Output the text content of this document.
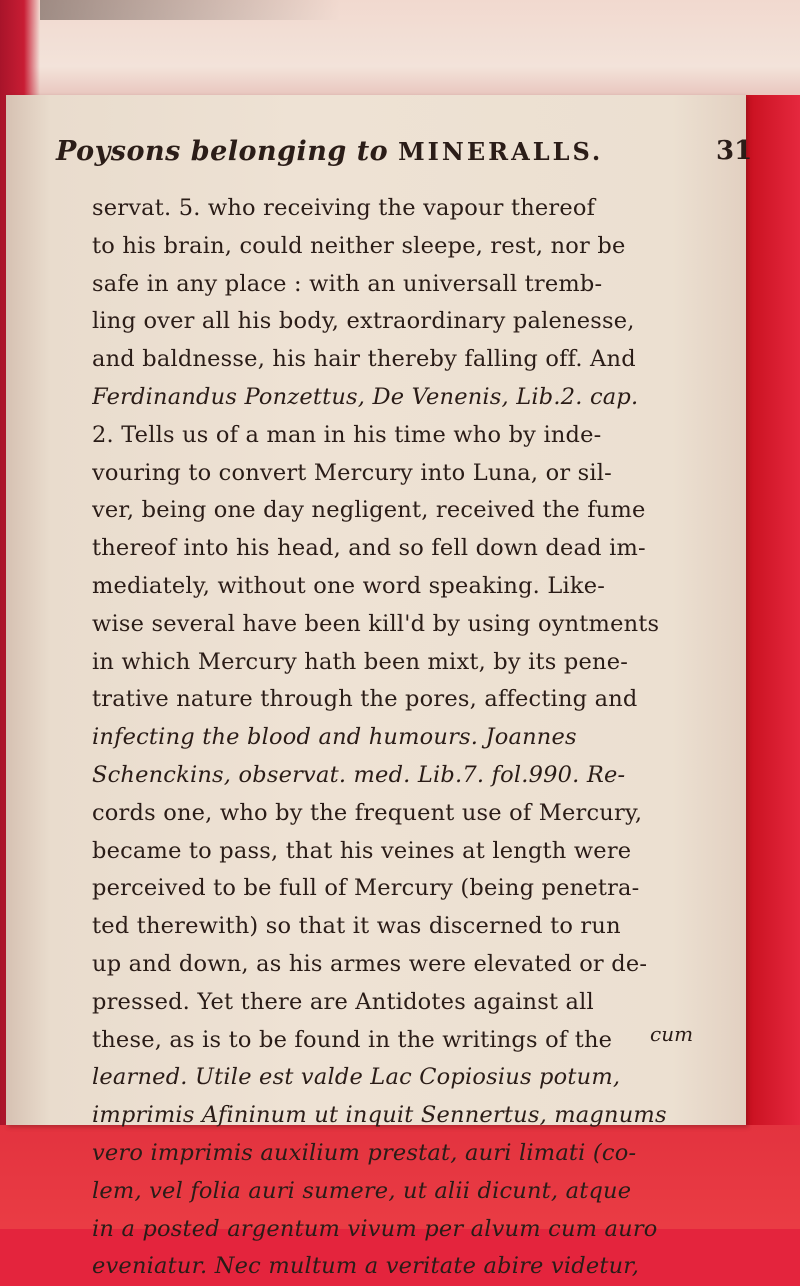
Poysons belonging to MINERALLS.	31
servat. 5. who receiving the vapour thereof
to his brain, could neither sleepe, rest, nor be
safe in any place : with an universall tremb-
ling over all his body, extraordinary palenesse,
and baldnesse, his hair thereby falling off. And
Ferdinandus Ponzettus, De Venenis, Lib.2. cap.
2. Tells us of a man in his time who by inde-
vouring to convert Mercury into Luna, or sil-
ver, being one day negligent, received the fume
thereof into his head, and so fell down dead im-
mediately, without one word speaking. Like-
wise several have been kill'd by using oyntments
in which Mercury hath been mixt, by its pene-
trative nature through the pores, affecting and
infecting the blood and humours. Joannes
Schenckins, observat. med. Lib.7. fol.990. Re-
cords one, who by the frequent use of Mercury,
became to pass, that his veines at length were
perceived to be full of Mercury (being penetra-
ted therewith) so that it was discerned to run
up and down, as his armes were elevated or de-
pressed. Yet there are Antidotes against all
these, as is to be found in the writings of the
learned. Utile est valde Lac Copiosius potum,
imprimis Afininum ut inquit Sennertus, magnums
vero imprimis auxilium prestat, auri limati (co-
lem, vel folia auri sumere, ut alii dicunt, atque
in a posted argentum vivum per alvum cum auro
eveniatur. Nec multum a veritate abire videtur,
cum
